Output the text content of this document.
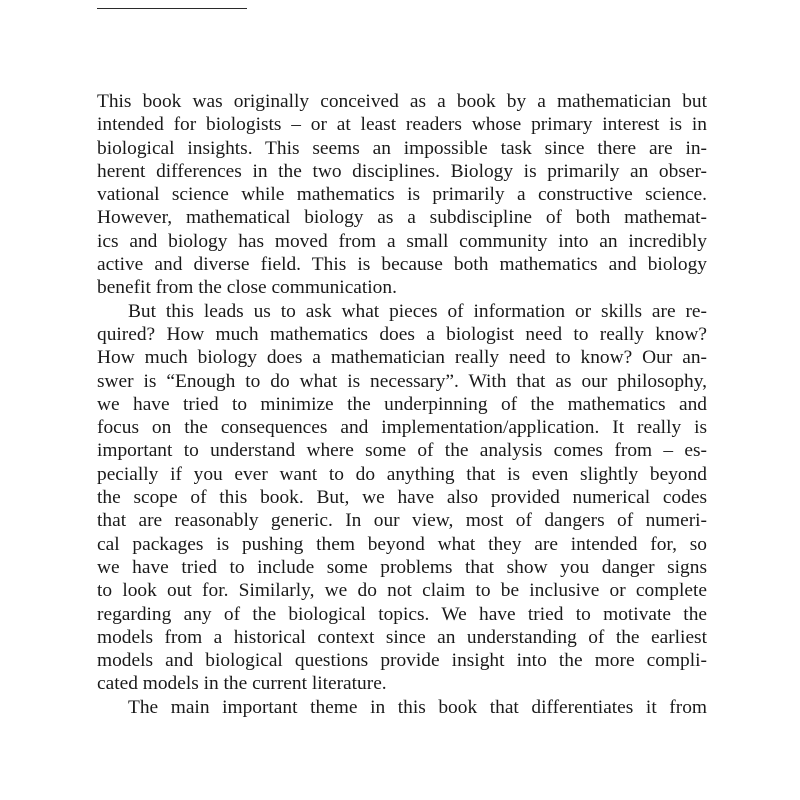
This book was originally conceived as a book by a mathematician but
intended for biologists – or at least readers whose primary interest is in
biological insights. This seems an impossible task since there are in-
herent differences in the two disciplines. Biology is primarily an obser-
vational science while mathematics is primarily a constructive science.
However, mathematical biology as a subdiscipline of both mathemat-
ics and biology has moved from a small community into an incredibly
active and diverse field. This is because both mathematics and biology
benefit from the close communication.
But this leads us to ask what pieces of information or skills are re-
quired? How much mathematics does a biologist need to really know?
How much biology does a mathematician really need to know? Our an-
swer is “Enough to do what is necessary”. With that as our philosophy,
we have tried to minimize the underpinning of the mathematics and
focus on the consequences and implementation/application. It really is
important to understand where some of the analysis comes from – es-
pecially if you ever want to do anything that is even slightly beyond
the scope of this book. But, we have also provided numerical codes
that are reasonably generic. In our view, most of dangers of numeri-
cal packages is pushing them beyond what they are intended for, so
we have tried to include some problems that show you danger signs
to look out for. Similarly, we do not claim to be inclusive or complete
regarding any of the biological topics. We have tried to motivate the
models from a historical context since an understanding of the earliest
models and biological questions provide insight into the more compli-
cated models in the current literature.
The main important theme in this book that differentiates it from
